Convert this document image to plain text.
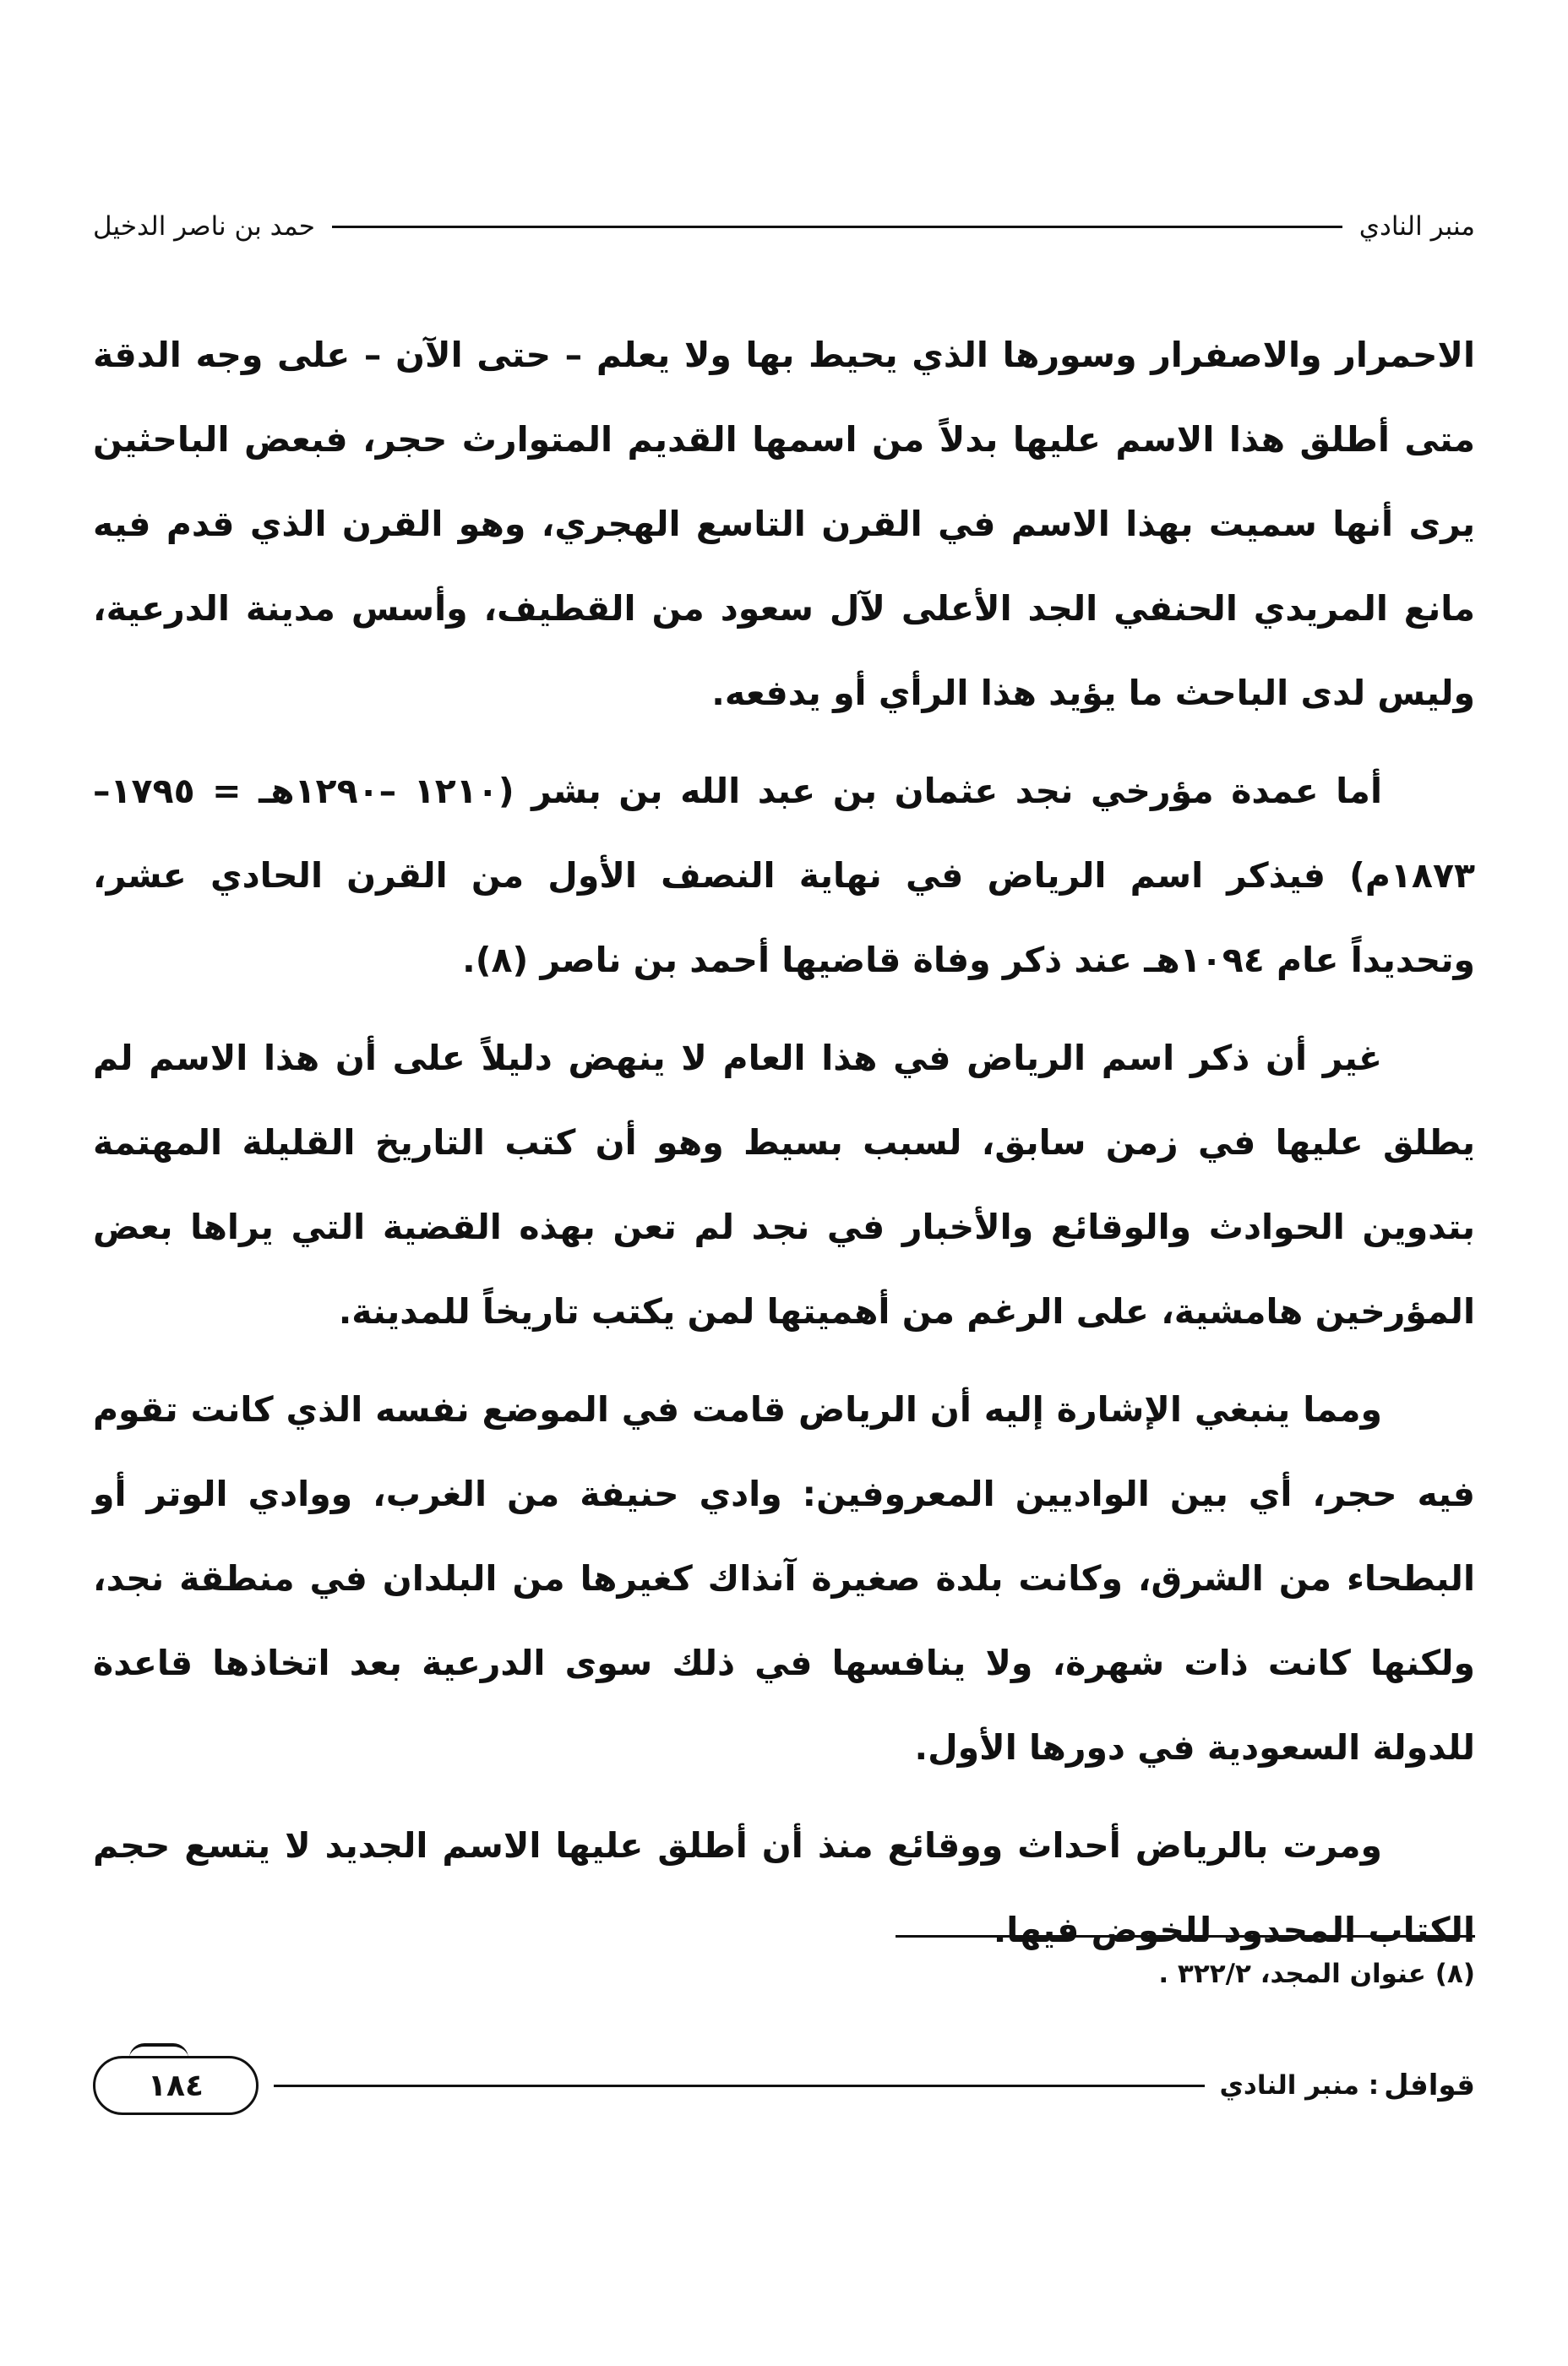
منبر النادي
حمد بن ناصر الدخيل

الاحمرار والاصفرار وسورها الذي يحيط بها ولا يعلم – حتى الآن – على وجه الدقة متى أطلق هذا الاسم عليها بدلاً من اسمها القديم المتوارث حجر، فبعض الباحثين يرى أنها سميت بهذا الاسم في القرن التاسع الهجري، وهو القرن الذي قدم فيه مانع المريدي الحنفي الجد الأعلى لآل سعود من القطيف، وأسس مدينة الدرعية، وليس لدى الباحث ما يؤيد هذا الرأي أو يدفعه.

أما عمدة مؤرخي نجد عثمان بن عبد الله بن بشر (١٢١٠ –١٢٩٠هـ = ١٧٩٥– ١٨٧٣م) فيذكر اسم الرياض في نهاية النصف الأول من القرن الحادي عشر، وتحديداً عام ١٠٩٤هـ عند ذكر وفاة قاضيها أحمد بن ناصر (٨).

غير أن ذكر اسم الرياض في هذا العام لا ينهض دليلاً على أن هذا الاسم لم يطلق عليها في زمن سابق، لسبب بسيط وهو أن كتب التاريخ القليلة المهتمة بتدوين الحوادث والوقائع والأخبار في نجد لم تعن بهذه القضية التي يراها بعض المؤرخين هامشية، على الرغم من أهميتها لمن يكتب تاريخاً للمدينة.

ومما ينبغي الإشارة إليه أن الرياض قامت في الموضع نفسه الذي كانت تقوم فيه حجر، أي بين الواديين المعروفين: وادي حنيفة من الغرب، ووادي الوتر أو البطحاء من الشرق، وكانت بلدة صغيرة آنذاك كغيرها من البلدان في منطقة نجد، ولكنها كانت ذات شهرة، ولا ينافسها في ذلك سوى الدرعية بعد اتخاذها قاعدة للدولة السعودية في دورها الأول.

ومرت بالرياض أحداث ووقائع منذ أن أطلق عليها الاسم الجديد لا يتسع حجم الكتاب المحدود للخوض فيها.

(٨) عنوان المجد، ٣٢٢/٢ .
قوافل
: منبر النادي
١٨٤
